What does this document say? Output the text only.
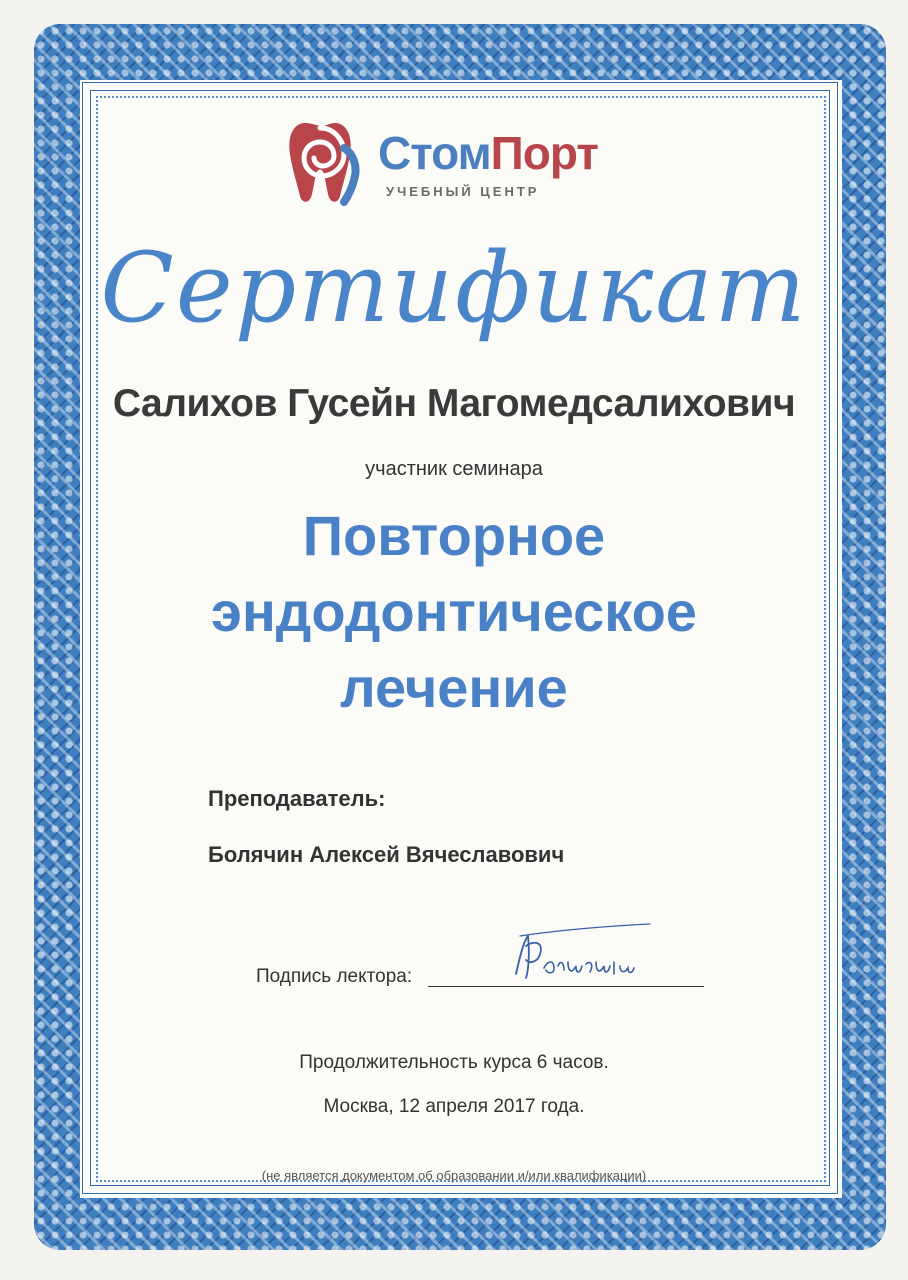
СтомПорт
УЧЕБНЫЙ ЦЕНТР
Сертификат
Салихов Гусейн Магомедсалихович
участник семинара
Повторное
эндодонтическое
лечение
Преподаватель:
Болячин Алексей Вячеславович
Подпись лектора:
Продолжительность курса 6 часов.
Москва, 12 апреля 2017 года.
(не является документом об образовании и/или квалификации)
